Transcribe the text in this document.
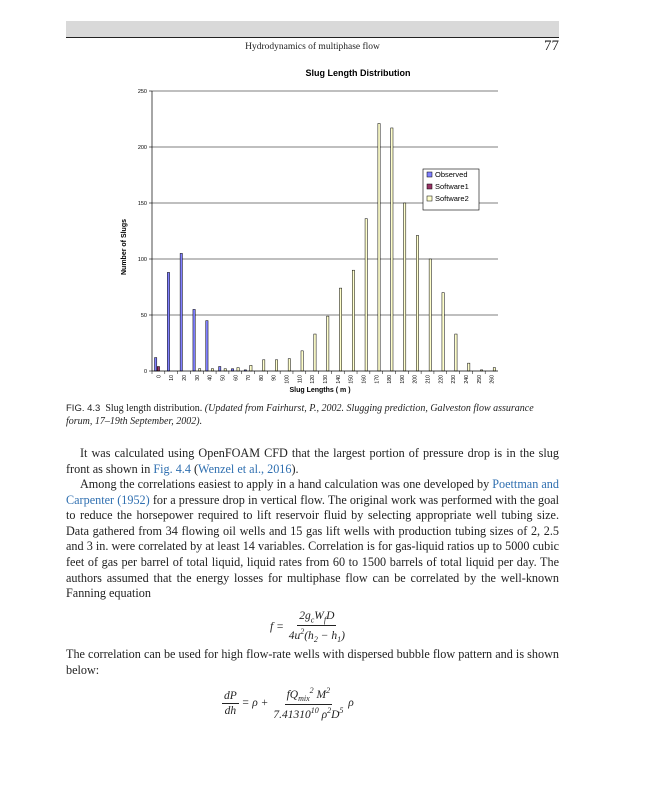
Hydrodynamics of multiphase flow	77
Slug Length Distribution
Number of Slugs
Slug Lengths ( m )
0
50
100
150
200
250
0 10 20 30 40 50 60 70 80 90 100 110 120 130 140 150 160 170 180 190 200 210 220 230 240 250 260
Observed
Software1
Software2
FIG. 4.3 Slug length distribution. (Updated from Fairhurst, P., 2002. Slugging prediction, Galveston flow assurance forum, 17–19th September, 2002).

It was calculated using OpenFOAM CFD that the largest portion of pressure drop is in the slug front as shown in Fig. 4.4 (Wenzel et al., 2016).

Among the correlations easiest to apply in a hand calculation was one developed by Poettman and Carpenter (1952) for a pressure drop in vertical flow. The original work was performed with the goal to reduce the horsepower required to lift reservoir fluid by selecting appropriate well tubing size. Data gathered from 34 flowing oil wells and 15 gas lift wells with production tubing sizes of 2, 2.5 and 3 in. were correlated by at least 14 variables. Correlation is for gas-liquid ratios up to 5000 cubic feet of gas per barrel of total liquid, liquid rates from 60 to 1500 barrels of total liquid per day. The authors assumed that the energy losses for multiphase flow can be correlated by the well-known Fanning equation

$f = \frac{2g_cW_fD}{4u^2(h_2 - h_1)}$

The correlation can be used for high flow-rate wells with dispersed bubble flow pattern and is shown below:

$\frac{dP}{dh} = \rho + \frac{fQ_{mix}^2 M^2}{7.41310^{10} \rho^2D^5}$ ρ
